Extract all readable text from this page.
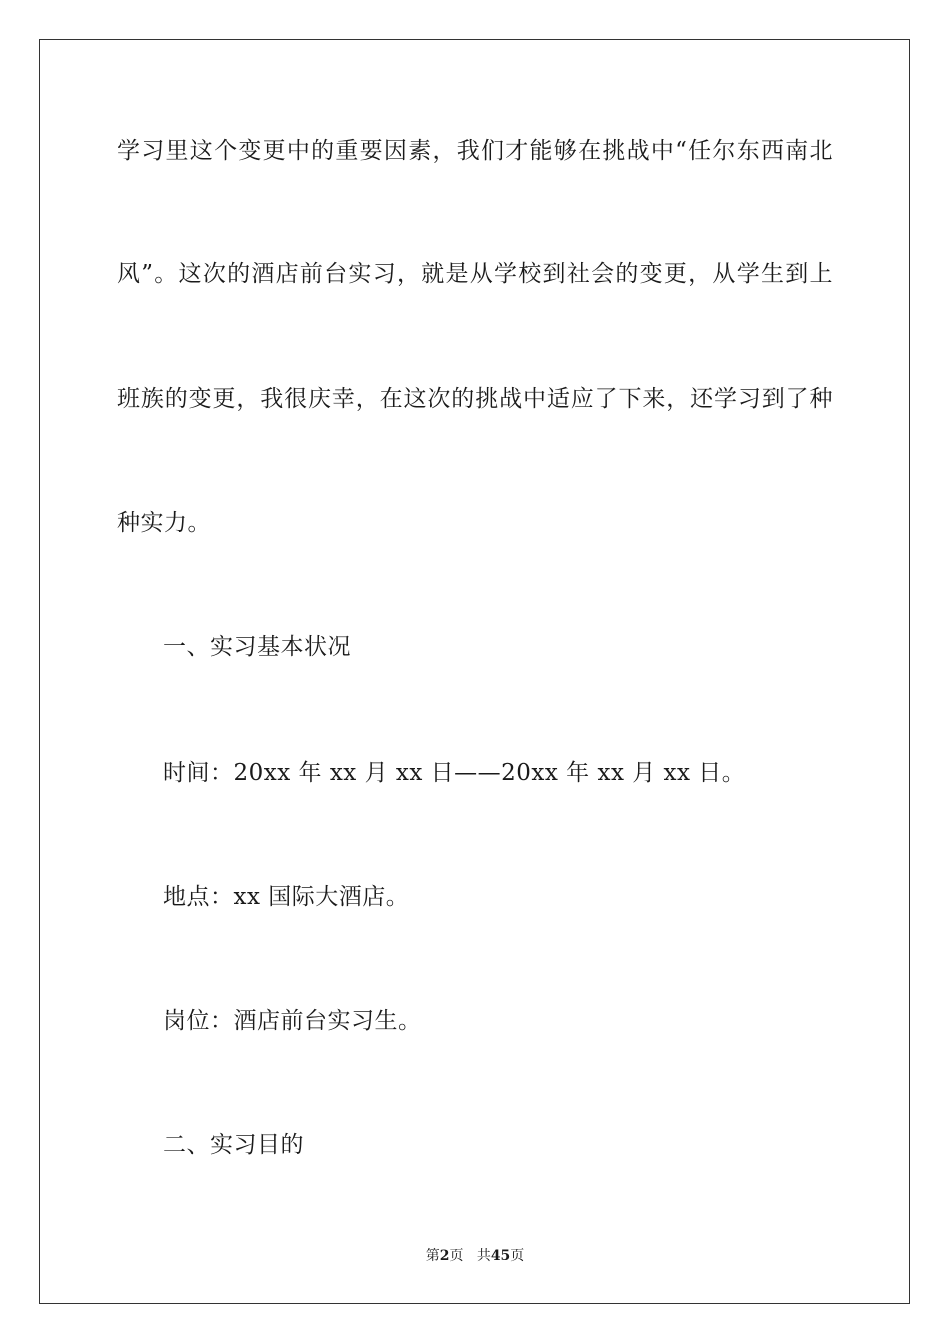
学习里这个变更中的重要因素，我们才能够在挑战中“任尔东西南北
风”。这次的酒店前台实习，就是从学校到社会的变更，从学生到上
班族的变更，我很庆幸，在这次的挑战中适应了下来，还学习到了种
种实力。
一、实习基本状况
时间：20xx 年 xx 月 xx 日——20xx 年 xx 月 xx 日。
地点：xx 国际大酒店。
岗位：酒店前台实习生。
二、实习目的
第2页 共45页
